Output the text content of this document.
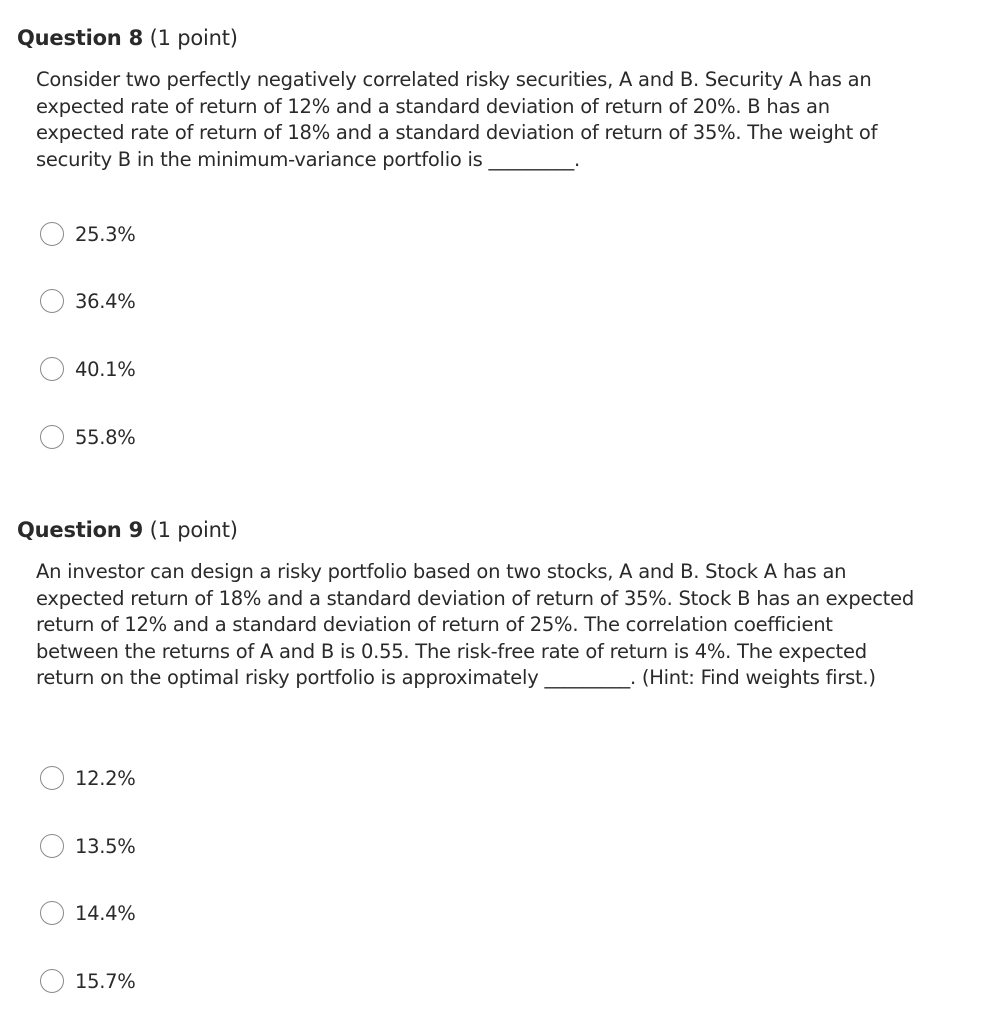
Question 8 (1 point)
Consider two perfectly negatively correlated risky securities, A and B. Security A has an expected rate of return of 12% and a standard deviation of return of 20%. B has an expected rate of return of 18% and a standard deviation of return of 35%. The weight of security B in the minimum-variance portfolio is _________.
25.3%
36.4%
40.1%
55.8%
Question 9 (1 point)
An investor can design a risky portfolio based on two stocks, A and B. Stock A has an expected return of 18% and a standard deviation of return of 35%. Stock B has an expected return of 12% and a standard deviation of return of 25%. The correlation coefficient between the returns of A and B is 0.55. The risk-free rate of return is 4%. The expected return on the optimal risky portfolio is approximately _________. (Hint: Find weights first.)
12.2%
13.5%
14.4%
15.7%
